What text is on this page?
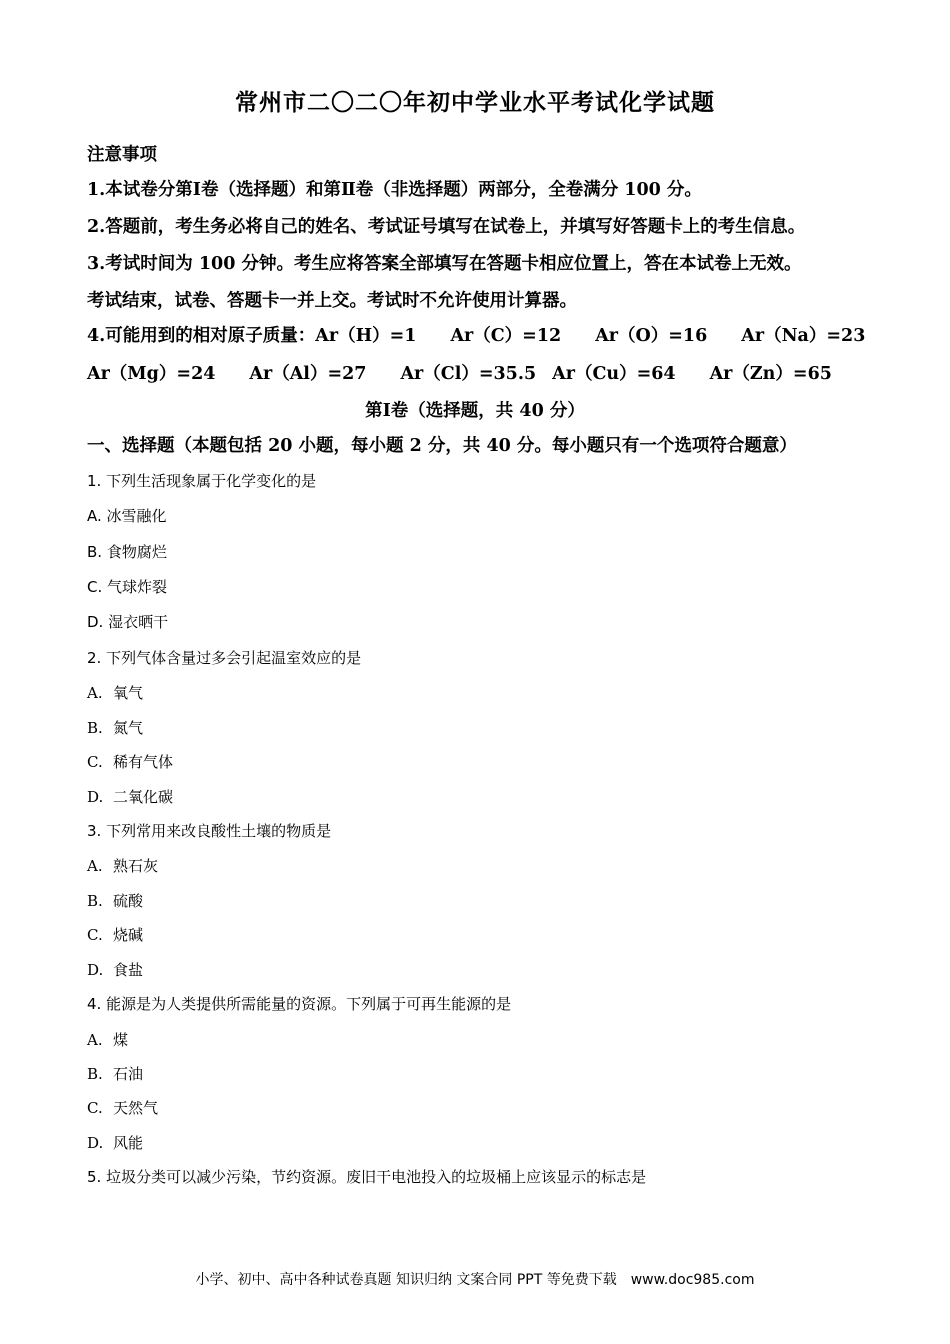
常州市二〇二〇年初中学业水平考试化学试题
注意事项
1.本试卷分第Ⅰ卷（选择题）和第Ⅱ卷（非选择题）两部分，全卷满分 100 分。
2.答题前，考生务必将自己的姓名、考试证号填写在试卷上，并填写好答题卡上的考生信息。
3.考试时间为 100 分钟。考生应将答案全部填写在答题卡相应位置上，答在本试卷上无效。
考试结束，试卷、答题卡一并上交。考试时不允许使用计算器。
4.可能用到的相对原子质量：Ar（H）=1 Ar（C）=12 Ar（O）=16 Ar（Na）=23
Ar（Mg）=24 Ar（Al）=27 Ar（Cl）=35.5 Ar（Cu）=64 Ar（Zn）=65
第Ⅰ卷（选择题，共 40 分）
一、选择题（本题包括 20 小题，每小题 2 分，共 40 分。每小题只有一个选项符合题意）
1. 下列生活现象属于化学变化的是
A. 冰雪融化
B. 食物腐烂
C. 气球炸裂
D. 湿衣晒干
2. 下列气体含量过多会引起温室效应的是
A. 氧气
B. 氮气
C. 稀有气体
D. 二氧化碳
3. 下列常用来改良酸性土壤的物质是
A. 熟石灰
B. 硫酸
C. 烧碱
D. 食盐
4. 能源是为人类提供所需能量的资源。下列属于可再生能源的是
A. 煤
B. 石油
C. 天然气
D. 风能
5. 垃圾分类可以减少污染，节约资源。废旧干电池投入的垃圾桶上应该显示的标志是
小学、初中、高中各种试卷真题 知识归纳 文案合同 PPT 等免费下载　www.doc985.com
